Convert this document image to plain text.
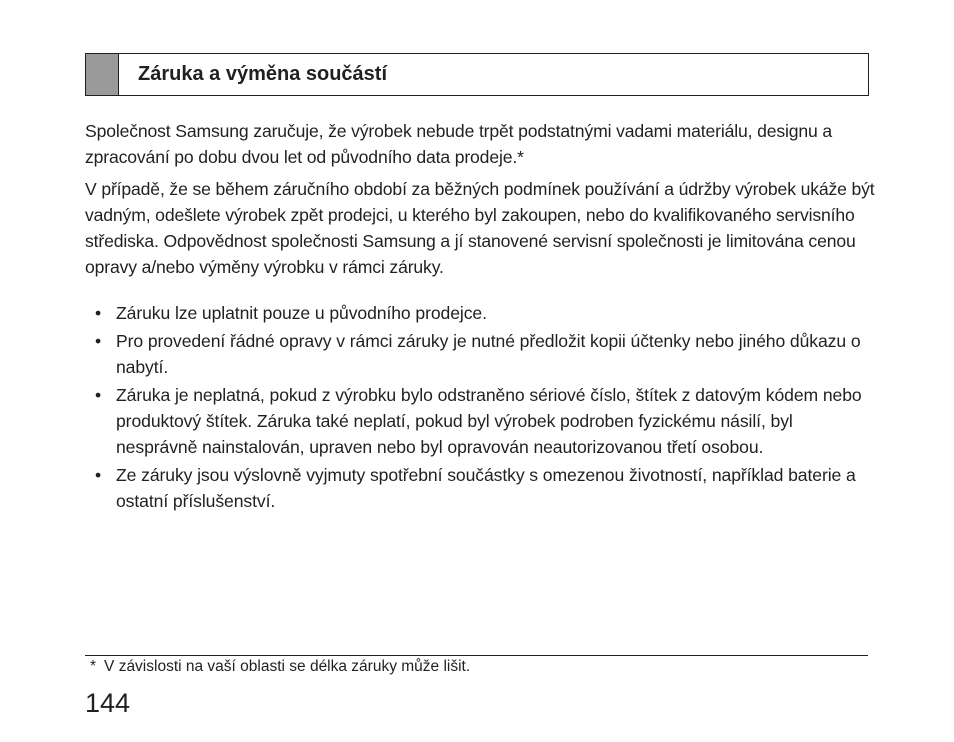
Záruka a výměna součástí

Společnost Samsung zaručuje, že výrobek nebude trpět podstatnými vadami materiálu, designu a zpracování po dobu dvou let od původního data prodeje.*

V případě, že se během záručního období za běžných podmínek používání a údržby výrobek ukáže být vadným, odešlete výrobek zpět prodejci, u kterého byl zakoupen, nebo do kvalifikovaného servisního střediska. Odpovědnost společnosti Samsung a jí stanovené servisní společnosti je limitována cenou opravy a/nebo výměny výrobku v rámci záruky.

• Záruku lze uplatnit pouze u původního prodejce.
• Pro provedení řádné opravy v rámci záruky je nutné předložit kopii účtenky nebo jiného důkazu o nabytí.
• Záruka je neplatná, pokud z výrobku bylo odstraněno sériové číslo, štítek z datovým kódem nebo produktový štítek. Záruka také neplatí, pokud byl výrobek podroben fyzickému násilí, byl nesprávně nainstalován, upraven nebo byl opravován neautorizovanou třetí osobou.
• Ze záruky jsou výslovně vyjmuty spotřební součástky s omezenou životností, například baterie a ostatní příslušenství.
* V závislosti na vaší oblasti se délka záruky může lišit.
144
